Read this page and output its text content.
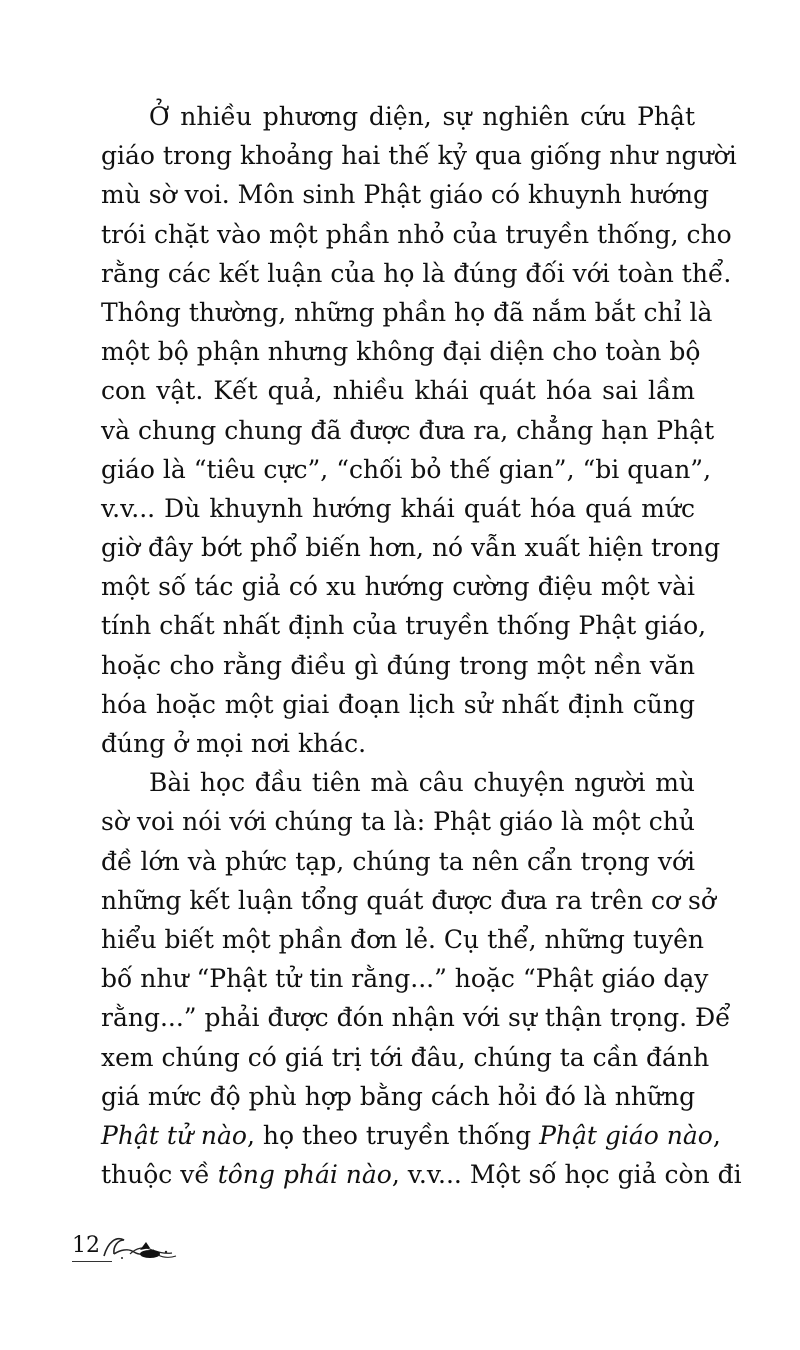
Ở nhiều phương diện, sự nghiên cứu Phật
giáo trong khoảng hai thế kỷ qua giống như người
mù sờ voi. Môn sinh Phật giáo có khuynh hướng
trói chặt vào một phần nhỏ của truyền thống, cho
rằng các kết luận của họ là đúng đối với toàn thể.
Thông thường, những phần họ đã nắm bắt chỉ là
một bộ phận nhưng không đại diện cho toàn bộ
con vật. Kết quả, nhiều khái quát hóa sai lầm
và chung chung đã được đưa ra, chẳng hạn Phật
giáo là “tiêu cực”, “chối bỏ thế gian”, “bi quan”,
v.v... Dù khuynh hướng khái quát hóa quá mức
giờ đây bớt phổ biến hơn, nó vẫn xuất hiện trong
một số tác giả có xu hướng cường điệu một vài
tính chất nhất định của truyền thống Phật giáo,
hoặc cho rằng điều gì đúng trong một nền văn
hóa hoặc một giai đoạn lịch sử nhất định cũng
đúng ở mọi nơi khác.
Bài học đầu tiên mà câu chuyện người mù
sờ voi nói với chúng ta là: Phật giáo là một chủ
đề lớn và phức tạp, chúng ta nên cẩn trọng với
những kết luận tổng quát được đưa ra trên cơ sở
hiểu biết một phần đơn lẻ. Cụ thể, những tuyên
bố như “Phật tử tin rằng...” hoặc “Phật giáo dạy
rằng...” phải được đón nhận với sự thận trọng. Để
xem chúng có giá trị tới đâu, chúng ta cần đánh
giá mức độ phù hợp bằng cách hỏi đó là những
Phật tử nào, họ theo truyền thống Phật giáo nào,
thuộc về tông phái nào, v.v... Một số học giả còn đi
12
